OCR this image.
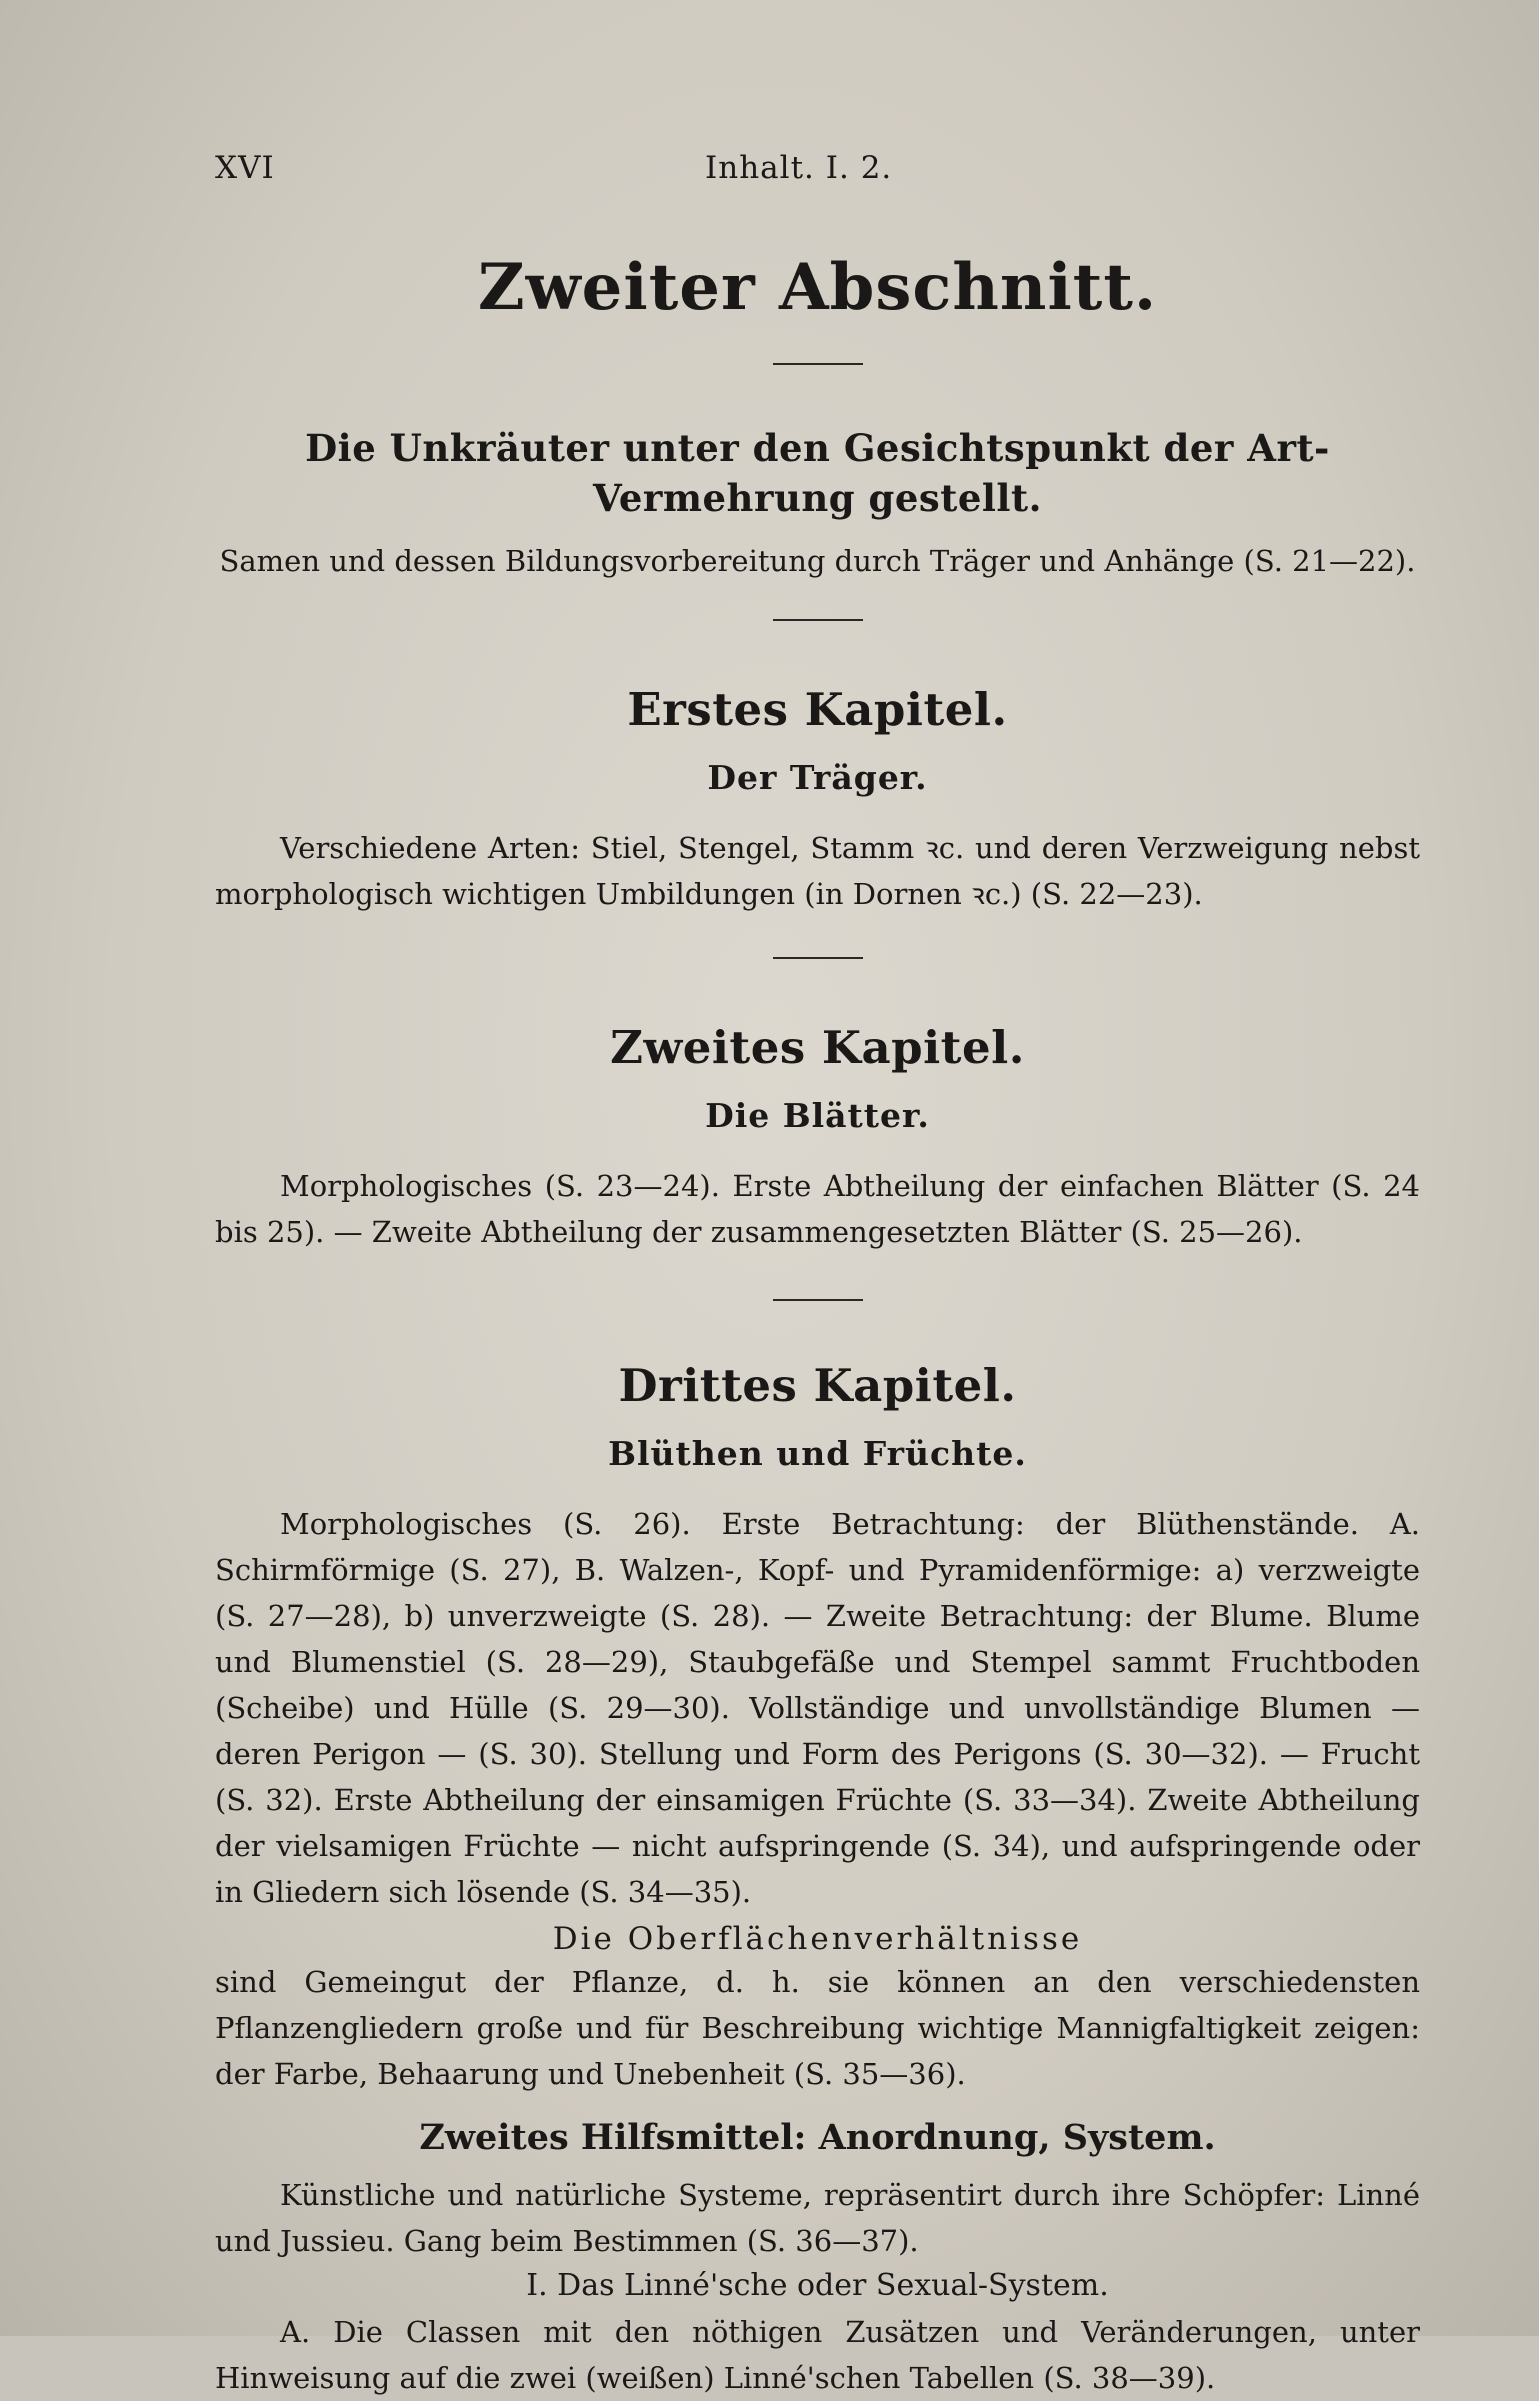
XVI	Inhalt. I. 2.
Zweiter Abschnitt.

Die Unkräuter unter den Gesichtspunkt der Art-Vermehrung gestellt.

Samen und dessen Bildungsvorbereitung durch Träger und Anhänge (S. 21—22).

Erstes Kapitel.
Der Träger.

Verschiedene Arten: Stiel, Stengel, Stamm ꝛc. und deren Verzweigung nebst morphologisch wichtigen Umbildungen (in Dornen ꝛc.) (S. 22—23).

Zweites Kapitel.
Die Blätter.

Morphologisches (S. 23—24). Erste Abtheilung der einfachen Blätter (S. 24 bis 25). — Zweite Abtheilung der zusammengesetzten Blätter (S. 25—26).

Drittes Kapitel.
Blüthen und Früchte.

Morphologisches (S. 26). Erste Betrachtung: der Blüthenstände. A. Schirmförmige (S. 27), B. Walzen-, Kopf- und Pyramidenförmige: a) verzweigte (S. 27—28), b) unverzweigte (S. 28). — Zweite Betrachtung: der Blume. Blume und Blumenstiel (S. 28—29), Staubgefäße und Stempel sammt Fruchtboden (Scheibe) und Hülle (S. 29—30). Vollständige und unvollständige Blumen — deren Perigon — (S. 30). Stellung und Form des Perigons (S. 30—32). — Frucht (S. 32). Erste Abtheilung der einsamigen Früchte (S. 33—34). Zweite Abtheilung der vielsamigen Früchte — nicht aufspringende (S. 34), und aufspringende oder in Gliedern sich lösende (S. 34—35).

Die Oberflächenverhältnisse

sind Gemeingut der Pflanze, d. h. sie können an den verschiedensten Pflanzengliedern große und für Beschreibung wichtige Mannigfaltigkeit zeigen: der Farbe, Behaarung und Unebenheit (S. 35—36).

Zweites Hilfsmittel: Anordnung, System.

Künstliche und natürliche Systeme, repräsentirt durch ihre Schöpfer: Linné und Jussieu. Gang beim Bestimmen (S. 36—37).

I. Das Linné'sche oder Sexual-System.

A. Die Classen mit den nöthigen Zusätzen und Veränderungen, unter Hinweisung auf die zwei (weißen) Linné'schen Tabellen (S. 38—39).
